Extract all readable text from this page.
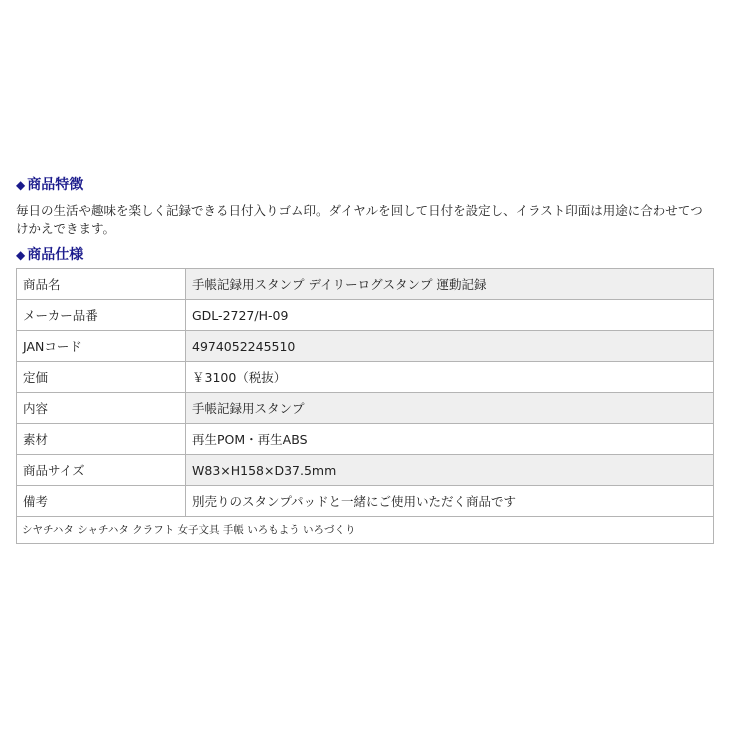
◆ 商品特徴
毎日の生活や趣味を楽しく記録できる日付入りゴム印。ダイヤルを回して日付を設定し、イラスト印面は用途に合わせてつけかえできます。
◆ 商品仕様
商品名	手帳記録用スタンプ デイリーログスタンプ 運動記録
メーカー品番	GDL-2727/H-09
JANコード	4974052245510
定価	￥3100（税抜）
内容	手帳記録用スタンプ
素材	再生POM・再生ABS
商品サイズ	W83×H158×D37.5mm
備考	別売りのスタンプパッドと一緒にご使用いただく商品です
シヤチハタ シャチハタ クラフト 女子文具 手帳 いろもよう いろづくり
